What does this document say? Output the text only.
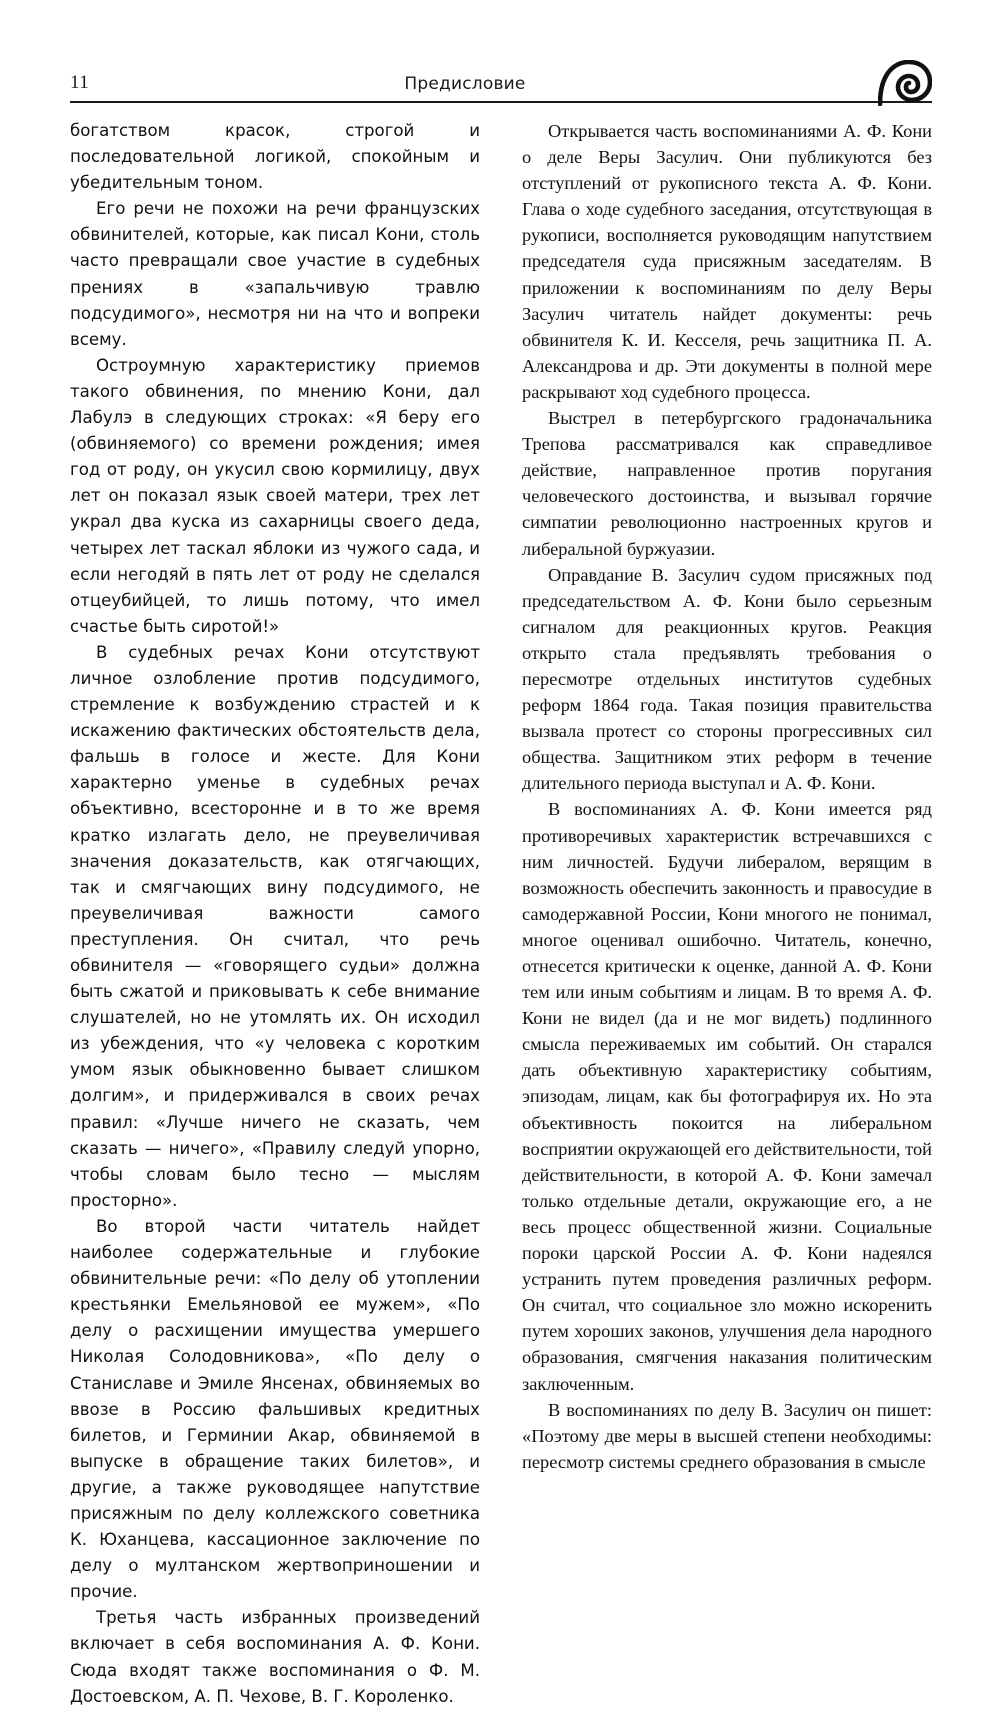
11	Предисловие

богатством красок, строгой и последовательной логикой, спокойным и убедительным тоном.

Его речи не похожи на речи французских обвинителей, которые, как писал Кони, столь часто превращали свое участие в судебных прениях в «запальчивую травлю подсудимого», несмотря ни на что и вопреки всему.

Остроумную характеристику приемов такого обвинения, по мнению Кони, дал Лабулэ в следующих строках: «Я беру его (обвиняемого) со времени рождения; имея год от роду, он укусил свою кормилицу, двух лет он показал язык своей матери, трех лет украл два куска из сахарницы своего деда, четырех лет таскал яблоки из чужого сада, и если негодяй в пять лет от роду не сделался отцеубийцей, то лишь потому, что имел счастье быть сиротой!»

В судебных речах Кони отсутствуют личное озлобление против подсудимого, стремление к возбуждению страстей и к искажению фактических обстоятельств дела, фальшь в голосе и жесте. Для Кони характерно уменье в судебных речах объективно, всесторонне и в то же время кратко излагать дело, не преувеличивая значения доказательств, как отягчающих, так и смягчающих вину подсудимого, не преувеличивая важности самого преступления. Он считал, что речь обвинителя — «говорящего судьи» должна быть сжатой и приковывать к себе внимание слушателей, но не утомлять их. Он исходил из убеждения, что «у человека с коротким умом язык обыкновенно бывает слишком долгим», и придерживался в своих речах правил: «Лучше ничего не сказать, чем сказать — ничего», «Правилу следуй упорно, чтобы словам было тесно — мыслям просторно».

Во второй части читатель найдет наиболее содержательные и глубокие обвинительные речи: «По делу об утоплении крестьянки Емельяновой ее мужем», «По делу о расхищении имущества умершего Николая Солодовникова», «По делу о Станиславе и Эмиле Янсенах, обвиняемых во ввозе в Россию фальшивых кредитных билетов, и Герминии Акар, обвиняемой в выпуске в обращение таких билетов», и другие, а также руководящее напутствие присяжным по делу коллежского советника К. Юханцева, кассационное заключение по делу о мултанском жертвоприношении и прочие.

Третья часть избранных произведений включает в себя воспоминания А. Ф. Кони. Сюда входят также воспоминания о Ф. М. Достоевском, А. П. Чехове, В. Г. Короленко.

Открывается часть воспоминаниями А. Ф. Кони о деле Веры Засулич. Они публикуются без отступлений от рукописного текста А. Ф. Кони. Глава о ходе судебного заседания, отсутствующая в рукописи, восполняется руководящим напутствием председателя суда присяжным заседателям. В приложении к воспоминаниям по делу Веры Засулич читатель найдет документы: речь обвинителя К. И. Кесселя, речь защитника П. А. Александрова и др. Эти документы в полной мере раскрывают ход судебного процесса.

Выстрел в петербургского градоначальника Трепова рассматривался как справедливое действие, направленное против поругания человеческого достоинства, и вызывал горячие симпатии революционно настроенных кругов и либеральной буржуазии.

Оправдание В. Засулич судом присяжных под председательством А. Ф. Кони было серьезным сигналом для реакционных кругов. Реакция открыто стала предъявлять требования о пересмотре отдельных институтов судебных реформ 1864 года. Такая позиция правительства вызвала протест со стороны прогрессивных сил общества. Защитником этих реформ в течение длительного периода выступал и А. Ф. Кони.

В воспоминаниях А. Ф. Кони имеется ряд противоречивых характеристик встречавшихся с ним личностей. Будучи либералом, верящим в возможность обеспечить законность и правосудие в самодержавной России, Кони многого не понимал, многое оценивал ошибочно. Читатель, конечно, отнесется критически к оценке, данной А. Ф. Кони тем или иным событиям и лицам. В то время А. Ф. Кони не видел (да и не мог видеть) подлинного смысла переживаемых им событий. Он старался дать объективную характеристику событиям, эпизодам, лицам, как бы фотографируя их. Но эта объективность покоится на либеральном восприятии окружающей его действительности, той действительности, в которой А. Ф. Кони замечал только отдельные детали, окружающие его, а не весь процесс общественной жизни. Социальные пороки царской России А. Ф. Кони надеялся устранить путем проведения различных реформ. Он считал, что социальное зло можно искоренить путем хороших законов, улучшения дела народного образования, смягчения наказания политическим заключенным.

В воспоминаниях по делу В. Засулич он пишет: «Поэтому две меры в высшей степени необходимы: пересмотр системы среднего образования в смысле
